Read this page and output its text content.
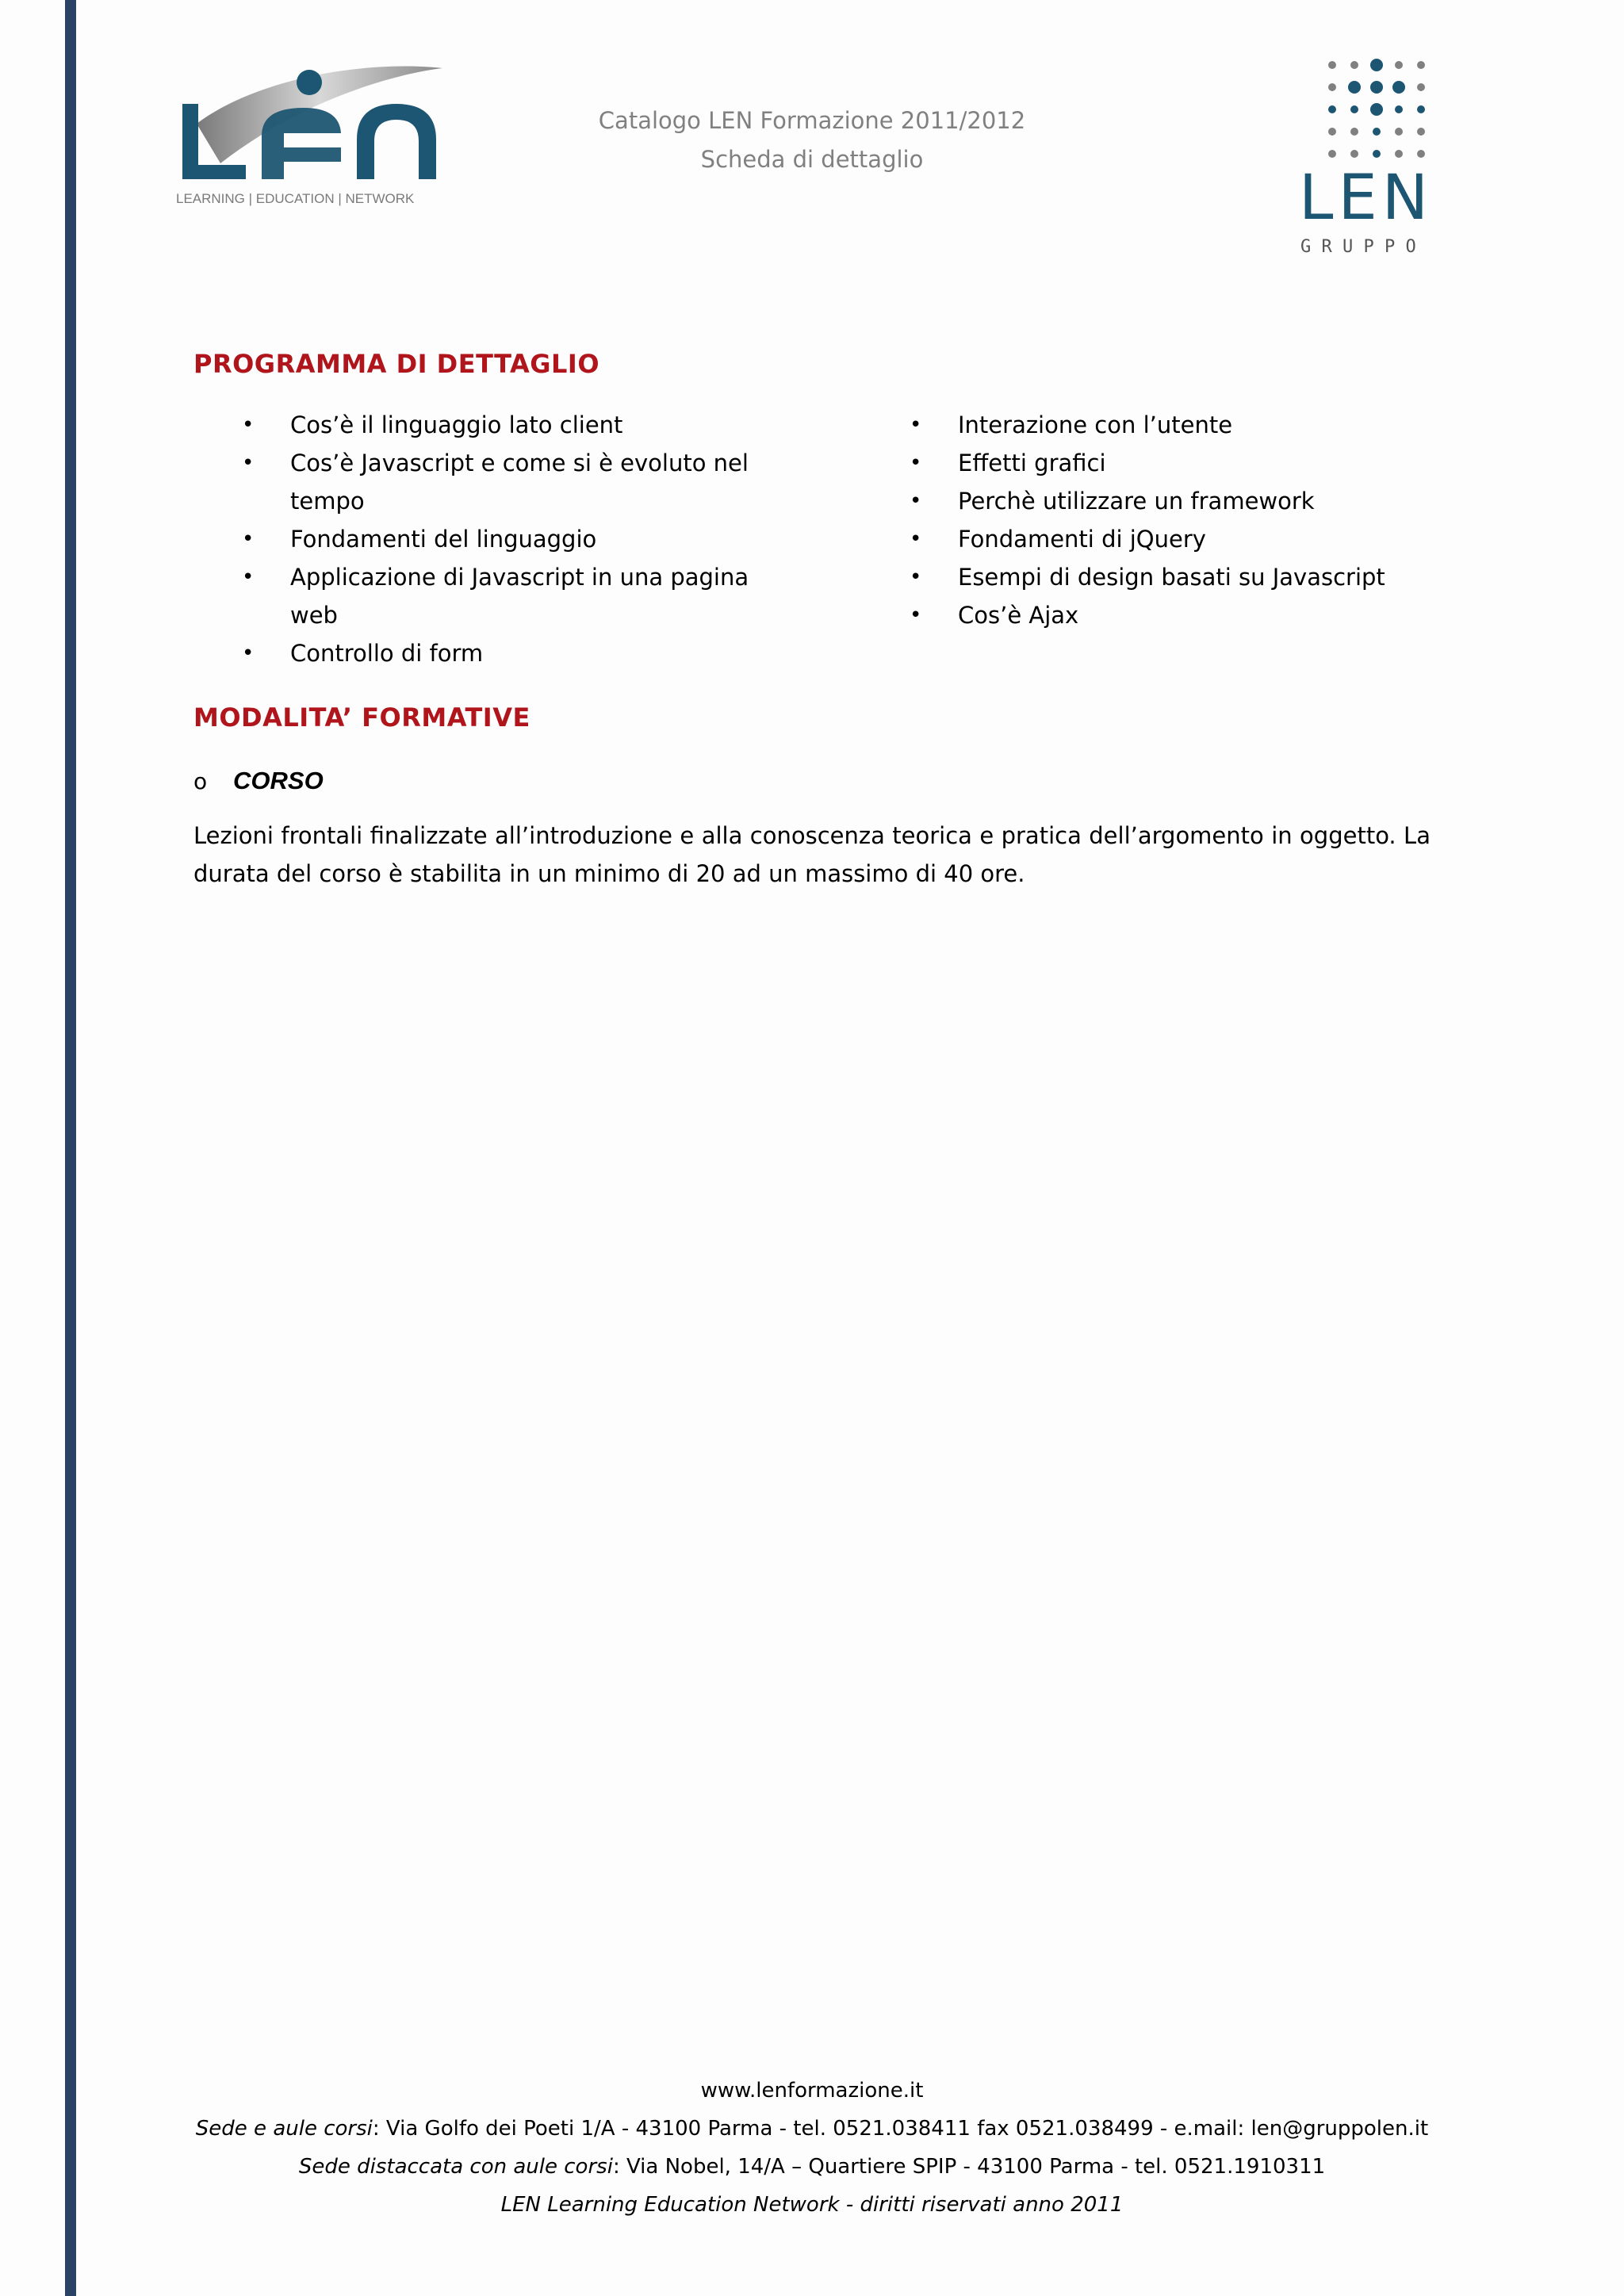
LEARNING | EDUCATION | NETWORK	LEN
G R U P P O
Catalogo LEN Formazione 2011/2012
Scheda di dettaglio
PROGRAMMA DI DETTAGLIO
• Cos’è il linguaggio lato client
• Cos’è Javascript e come si è evoluto nel tempo
• Fondamenti del linguaggio
• Applicazione di Javascript in una pagina web
• Controllo di form
• Interazione con l’utente
• Effetti grafici
• Perchè utilizzare un framework
• Fondamenti di jQuery
• Esempi di design basati su Javascript
• Cos’è Ajax
MODALITA’ FORMATIVE
o CORSO
Lezioni frontali finalizzate all’introduzione e alla conoscenza teorica e pratica dell’argomento in oggetto. La durata del corso è stabilita in un minimo di 20 ad un massimo di 40 ore.
www.lenformazione.it
Sede e aule corsi: Via Golfo dei Poeti 1/A - 43100 Parma - tel. 0521.038411 fax 0521.038499 - e.mail: len@gruppolen.it
Sede distaccata con aule corsi: Via Nobel, 14/A – Quartiere SPIP - 43100 Parma - tel. 0521.1910311
LEN Learning Education Network - diritti riservati anno 2011
